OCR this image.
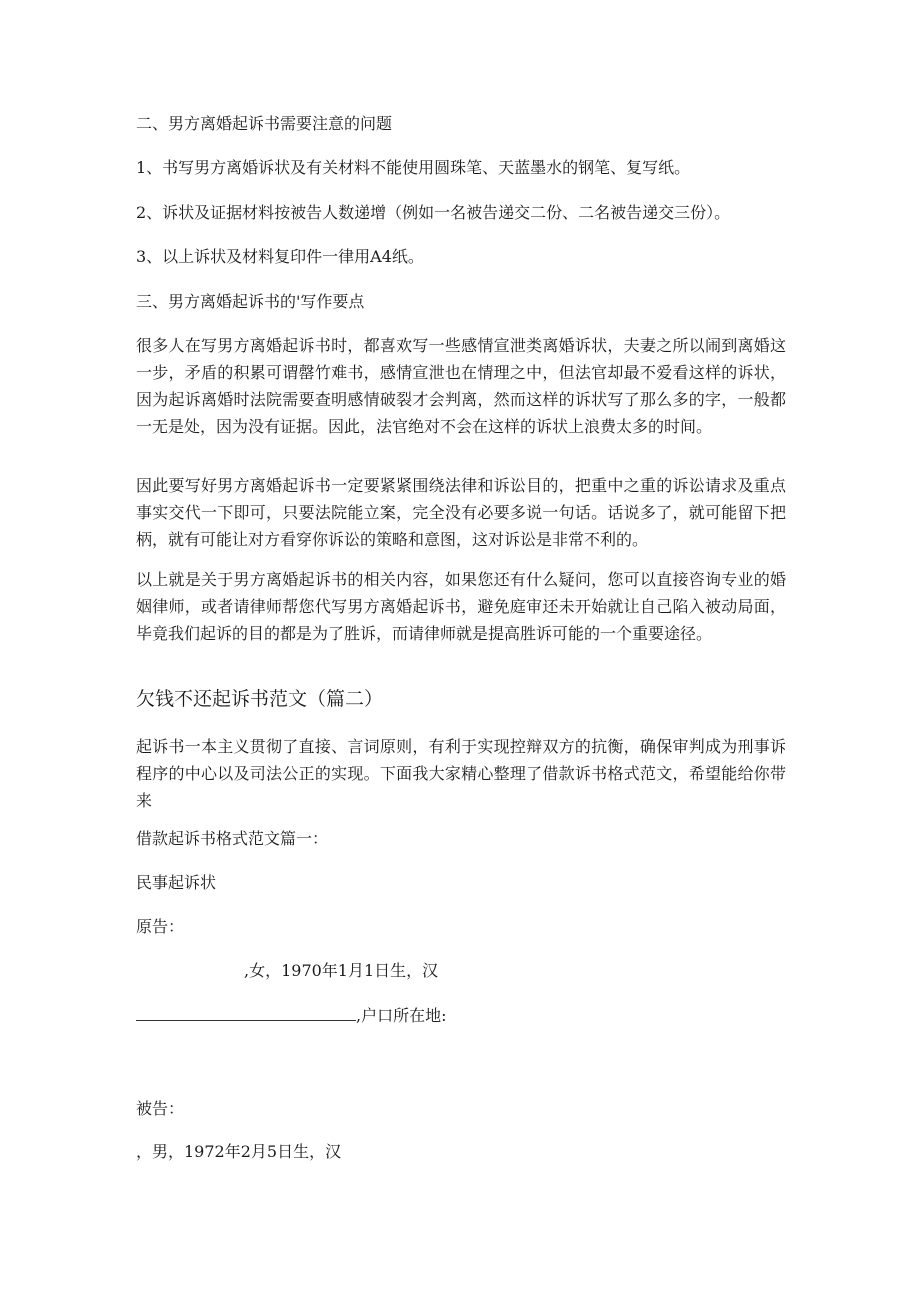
二、男方离婚起诉书需要注意的问题

1、书写男方离婚诉状及有关材料不能使用圆珠笔、天蓝墨水的钢笔、复写纸。

2、诉状及证据材料按被告人数递增（例如一名被告递交二份、二名被告递交三份）。

3、以上诉状及材料复印件一律用A4纸。

三、男方离婚起诉书的'写作要点

很多人在写男方离婚起诉书时，都喜欢写一些感情宣泄类离婚诉状，夫妻之所以闹到离婚这一步，矛盾的积累可谓罄竹难书，感情宣泄也在情理之中，但法官却最不爱看这样的诉状，因为起诉离婚时法院需要查明感情破裂才会判离，然而这样的诉状写了那么多的字，一般都一无是处，因为没有证据。因此，法官绝对不会在这样的诉状上浪费太多的时间。

因此要写好男方离婚起诉书一定要紧紧围绕法律和诉讼目的，把重中之重的诉讼请求及重点事实交代一下即可，只要法院能立案，完全没有必要多说一句话。话说多了，就可能留下把柄，就有可能让对方看穿你诉讼的策略和意图，这对诉讼是非常不利的。

以上就是关于男方离婚起诉书的相关内容，如果您还有什么疑问，您可以直接咨询专业的婚姻律师，或者请律师帮您代写男方离婚起诉书，避免庭审还未开始就让自己陷入被动局面，毕竟我们起诉的目的都是为了胜诉，而请律师就是提高胜诉可能的一个重要途径。

欠钱不还起诉书范文（篇二）

起诉书一本主义贯彻了直接、言词原则，有利于实现控辩双方的抗衡，确保审判成为刑事诉程序的中心以及司法公正的实现。下面我大家精心整理了借款诉书格式范文，希望能给你带来

借款起诉书格式范文篇一：

民事起诉状

原告：

,女，1970年1月1日生，汉

,户口所在地:

被告：

，男，1972年2月5日生，汉
